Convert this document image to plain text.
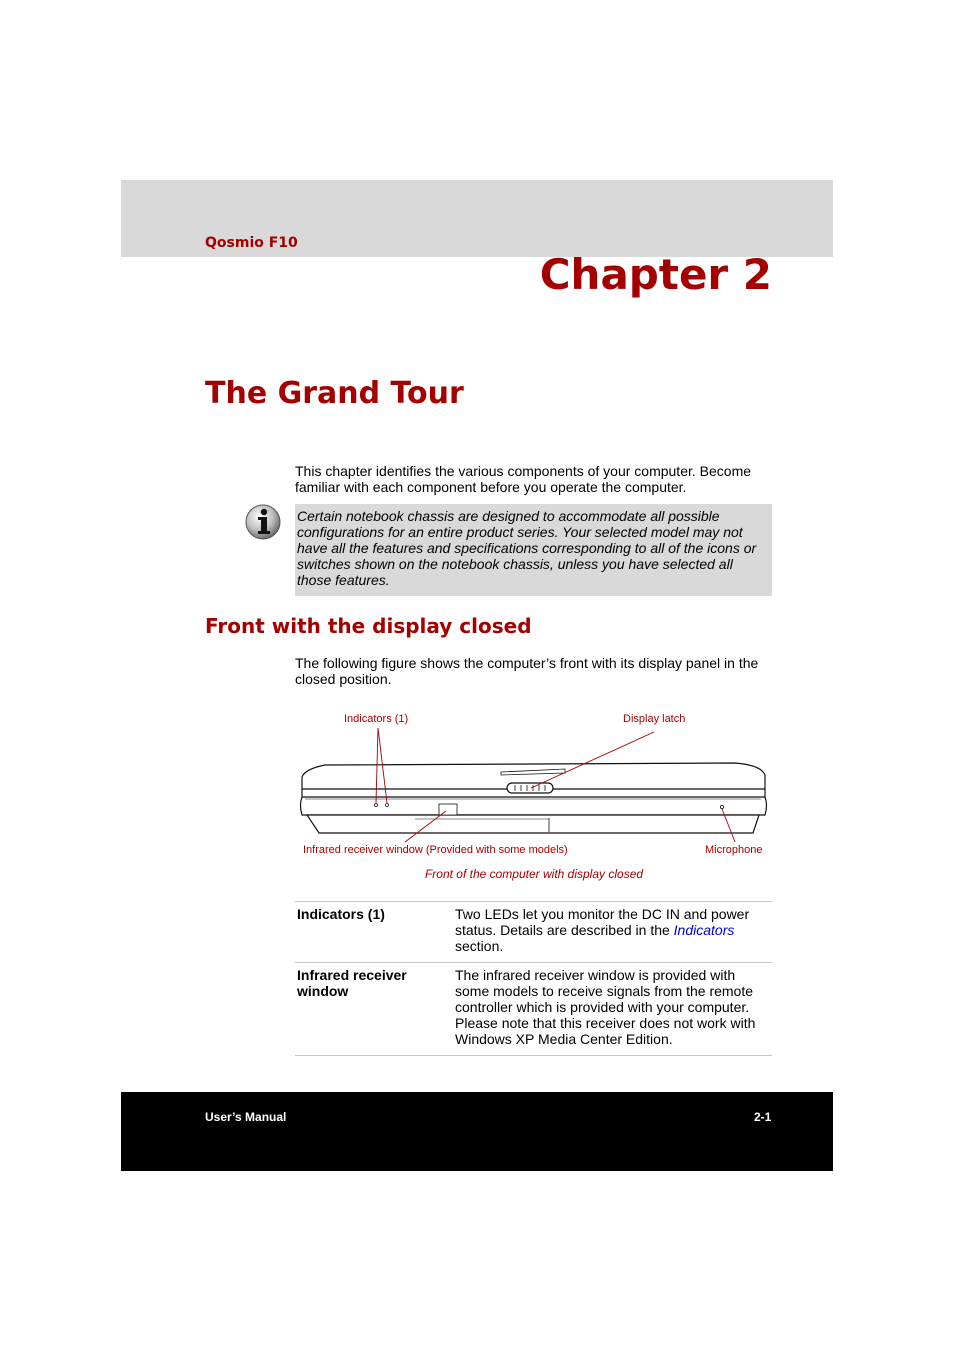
Qosmio F10
Chapter 2
The Grand Tour
This chapter identifies the various components of your computer. Become familiar with each component before you operate the computer.
Certain notebook chassis are designed to accommodate all possible configurations for an entire product series. Your selected model may not have all the features and specifications corresponding to all of the icons or switches shown on the notebook chassis, unless you have selected all those features.
Front with the display closed
The following figure shows the computer’s front with its display panel in the closed position.
Indicators (1)	Display latch
Infrared receiver window (Provided with some models)	Microphone
Front of the computer with display closed
Indicators (1)	Two LEDs let you monitor the DC IN and power status. Details are described in the Indicators section.
Infrared receiver window	The infrared receiver window is provided with some models to receive signals from the remote controller which is provided with your computer. Please note that this receiver does not work with Windows XP Media Center Edition.
User’s Manual	2-1
